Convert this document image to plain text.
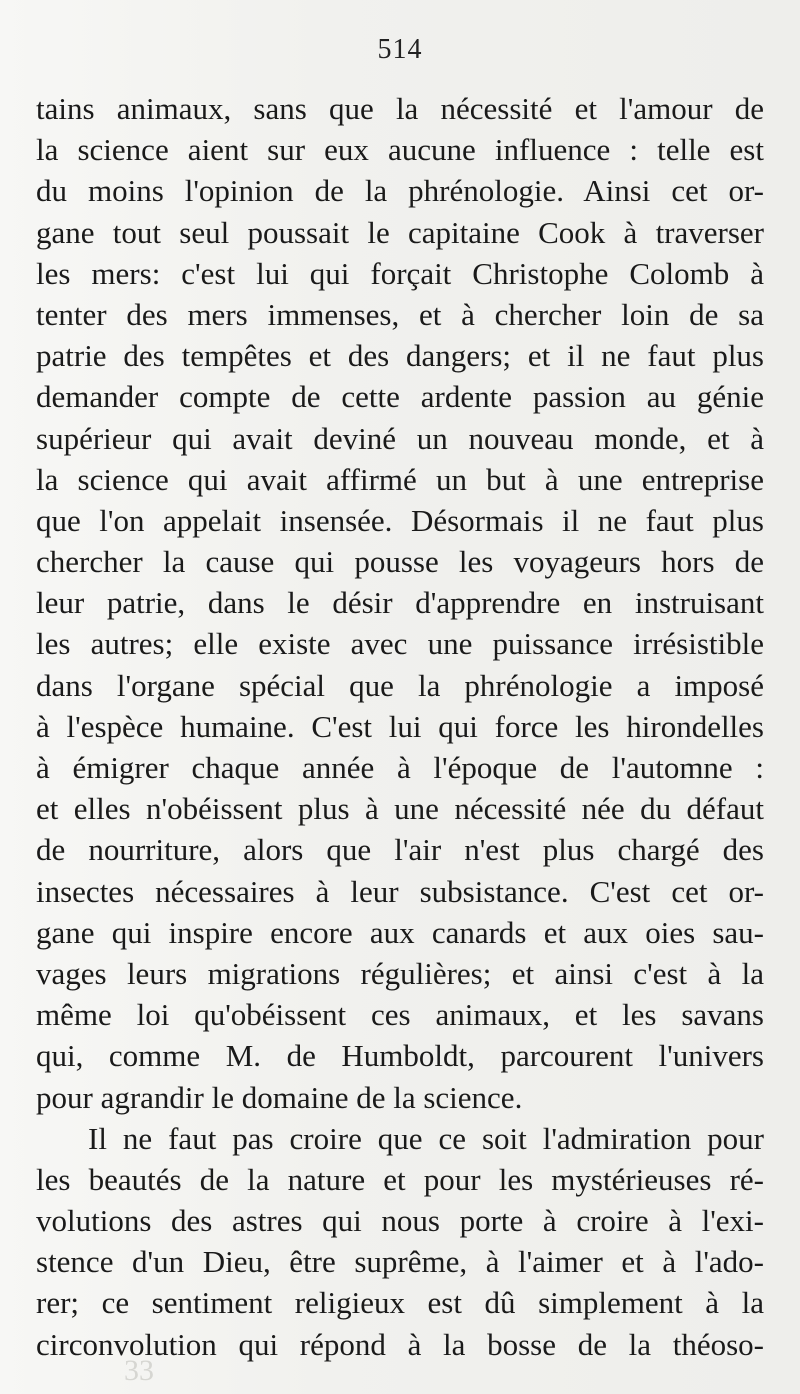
514
tains animaux, sans que la nécessité et l'amour de
la science aient sur eux aucune influence : telle est
du moins l'opinion de la phrénologie. Ainsi cet or-
gane tout seul poussait le capitaine Cook à traverser
les mers: c'est lui qui forçait Christophe Colomb à
tenter des mers immenses, et à chercher loin de sa
patrie des tempêtes et des dangers; et il ne faut plus
demander compte de cette ardente passion au génie
supérieur qui avait deviné un nouveau monde, et à
la science qui avait affirmé un but à une entreprise
que l'on appelait insensée. Désormais il ne faut plus
chercher la cause qui pousse les voyageurs hors de
leur patrie, dans le désir d'apprendre en instruisant
les autres; elle existe avec une puissance irrésistible
dans l'organe spécial que la phrénologie a imposé
à l'espèce humaine. C'est lui qui force les hirondelles
à émigrer chaque année à l'époque de l'automne :
et elles n'obéissent plus à une nécessité née du défaut
de nourriture, alors que l'air n'est plus chargé des
insectes nécessaires à leur subsistance. C'est cet or-
gane qui inspire encore aux canards et aux oies sau-
vages leurs migrations régulières; et ainsi c'est à la
même loi qu'obéissent ces animaux, et les savans
qui, comme M. de Humboldt, parcourent l'univers
pour agrandir le domaine de la science.
Il ne faut pas croire que ce soit l'admiration pour
les beautés de la nature et pour les mystérieuses ré-
volutions des astres qui nous porte à croire à l'exi-
stence d'un Dieu, être suprême, à l'aimer et à l'ado-
rer; ce sentiment religieux est dû simplement à la
circonvolution qui répond à la bosse de la théoso-
33
